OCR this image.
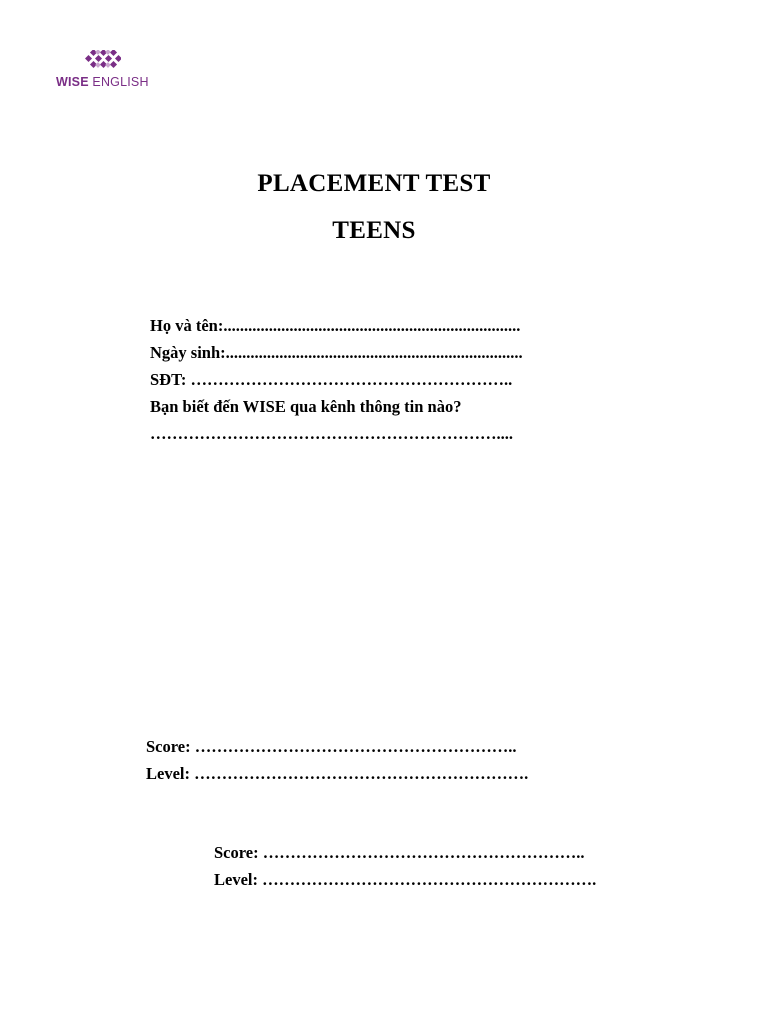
WISE ENGLISH
PLACEMENT TEST
TEENS
Họ và tên:........................................................................
Ngày sinh:........................................................................
SĐT: …………………………………………………..
Bạn biết đến WISE qua kênh thông tin nào?
………………………………………………………....
Score: …………………………………………………..
Level: …………………………………………………….
Score: …………………………………………………..
Level: …………………………………………………….
